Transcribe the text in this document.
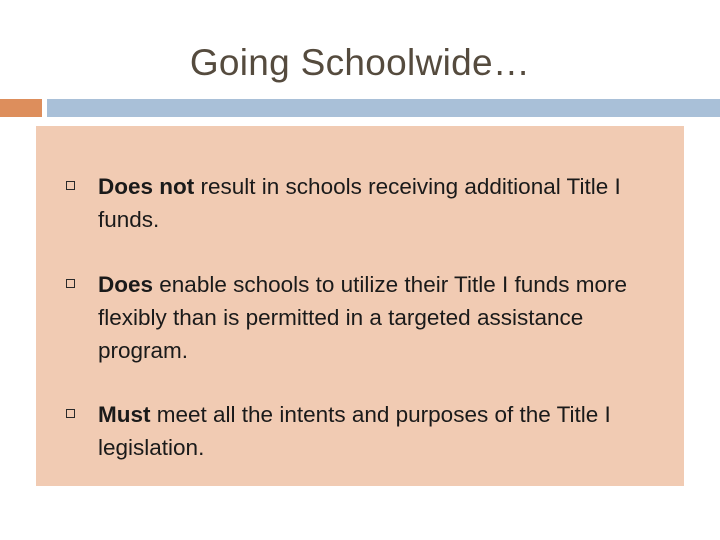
Going Schoolwide…
Does not result in schools receiving additional Title I funds.
Does enable schools to utilize their Title I funds more flexibly than is permitted in a targeted assistance program.
Must meet all the intents and purposes of the Title I legislation.
